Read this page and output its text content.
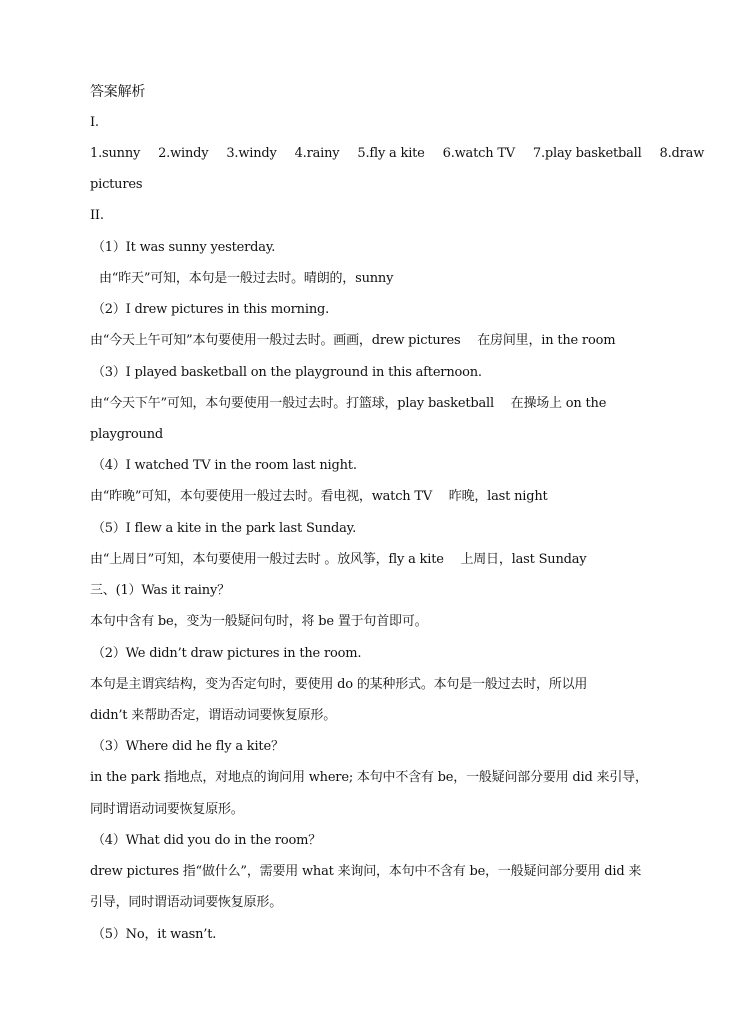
答案解析
I.
1.sunny 2.windy 3.windy 4.rainy 5.fly a kite 6.watch TV 7.play basketball 8.draw
pictures
II.
（1）It was sunny yesterday.
由“昨天”可知，本句是一般过去时。晴朗的，sunny
（2）I drew pictures in this morning.
由“今天上午可知”本句要使用一般过去时。画画，drew pictures 　在房间里，in the room
（3）I played basketball on the playground in this afternoon.
由“今天下午”可知，本句要使用一般过去时。打篮球，play basketball 　在操场上 on the
playground
（4）I watched TV in the room last night.
由“昨晚”可知，本句要使用一般过去时。看电视，watch TV 　昨晚，last night
（5）I flew a kite in the park last Sunday.
由“上周日”可知，本句要使用一般过去时 。放风筝，fly a kite 　上周日，last Sunday
三、(1）Was it rainy？
本句中含有 be，变为一般疑问句时，将 be 置于句首即可。
（2）We didn’t draw pictures in the room.
本句是主谓宾结构，变为否定句时，要使用 do 的某种形式。本句是一般过去时，所以用
didn’t 来帮助否定，谓语动词要恢复原形。
（3）Where did he fly a kite？
in the park 指地点，对地点的询问用 where; 本句中不含有 be，一般疑问部分要用 did 来引导，
同时谓语动词要恢复原形。
（4）What did you do in the room？
drew pictures 指“做什么”，需要用 what 来询问，本句中不含有 be，一般疑问部分要用 did 来
引导，同时谓语动词要恢复原形。
（5）No，it wasn’t.
